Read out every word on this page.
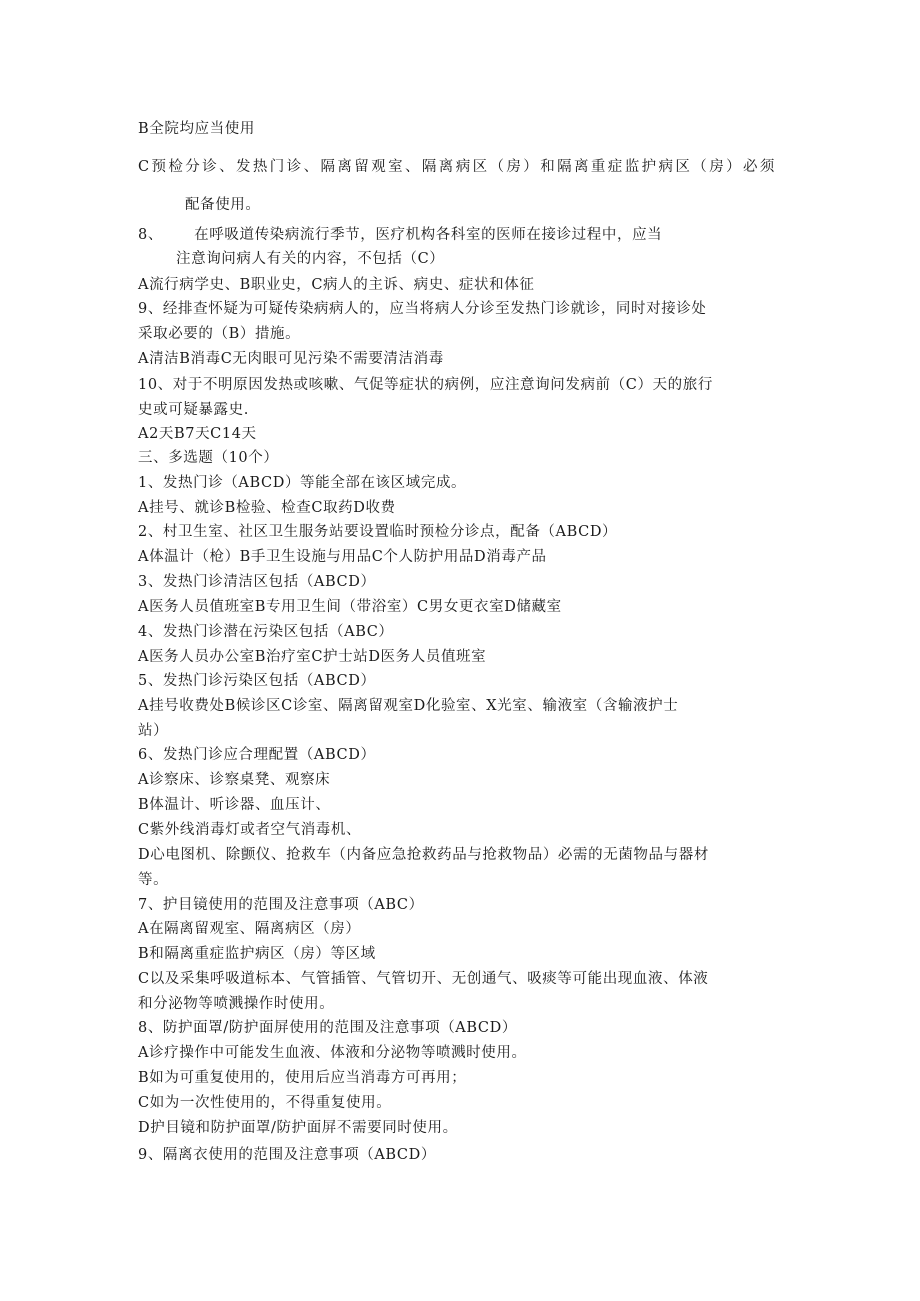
B全院均应当使用
C预检分诊、发热门诊、隔离留观室、隔离病区（房）和隔离重症监护病区（房）必须
配备使用。
8、      在呼吸道传染病流行季节，医疗机构各科室的医师在接诊过程中，应当
注意询问病人有关的内容，不包括（C）
A流行病学史、B职业史，C病人的主诉、病史、症状和体征
9、经排查怀疑为可疑传染病病人的，应当将病人分诊至发热门诊就诊，同时对接诊处
采取必要的（B）措施。
A清洁B消毒C无肉眼可见污染不需要清洁消毒
10、对于不明原因发热或咳嗽、气促等症状的病例，应注意询问发病前（C）天的旅行
史或可疑暴露史.
A2天B7天C14天
三、多选题（10个）
1、发热门诊（ABCD）等能全部在该区域完成。
A挂号、就诊B检验、检查C取药D收费
2、村卫生室、社区卫生服务站要设置临时预检分诊点，配备（ABCD）
A体温计（枪）B手卫生设施与用品C个人防护用品D消毒产品
3、发热门诊清洁区包括（ABCD）
A医务人员值班室B专用卫生间（带浴室）C男女更衣室D储藏室
4、发热门诊潜在污染区包括（ABC）
A医务人员办公室B治疗室C护士站D医务人员值班室
5、发热门诊污染区包括（ABCD）
A挂号收费处B候诊区C诊室、隔离留观室D化验室、X光室、输液室（含输液护士
站）
6、发热门诊应合理配置（ABCD）
A诊察床、诊察桌凳、观察床
B体温计、听诊器、血压计、
C紫外线消毒灯或者空气消毒机、
D心电图机、除颤仪、抢救车（内备应急抢救药品与抢救物品）必需的无菌物品与器材
等。
7、护目镜使用的范围及注意事项（ABC）
A在隔离留观室、隔离病区（房）
B和隔离重症监护病区（房）等区域
C以及采集呼吸道标本、气管插管、气管切开、无创通气、吸痰等可能出现血液、体液
和分泌物等喷溅操作时使用。
8、防护面罩/防护面屏使用的范围及注意事项（ABCD）
A诊疗操作中可能发生血液、体液和分泌物等喷溅时使用。
B如为可重复使用的，使用后应当消毒方可再用；
C如为一次性使用的，不得重复使用。
D护目镜和防护面罩/防护面屏不需要同时使用。
9、隔离衣使用的范围及注意事项（ABCD）
